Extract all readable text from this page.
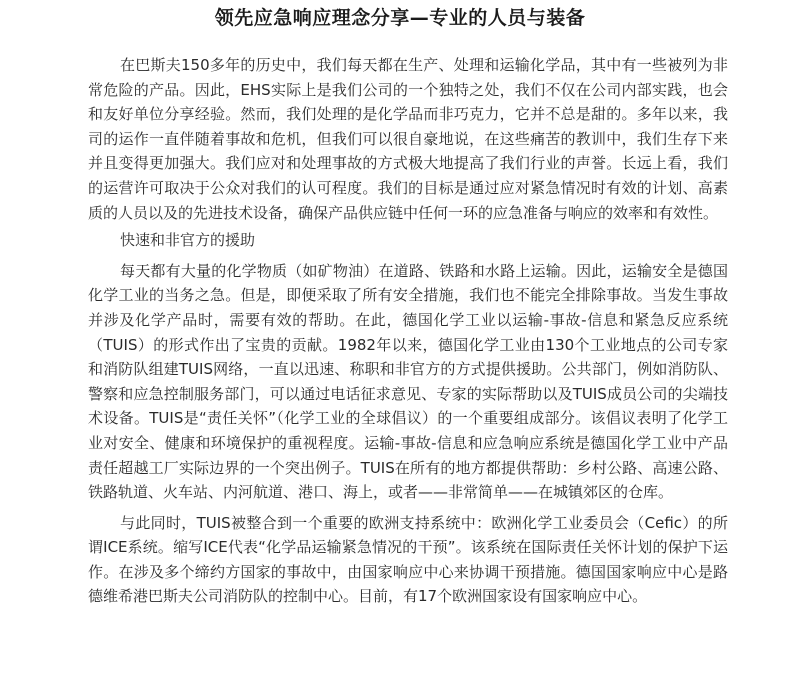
领先应急响应理念分享—专业的人员与装备

在巴斯夫150多年的历史中，我们每天都在生产、处理和运输化学品，其中有一些被列为非常危险的产品。因此，EHS实际上是我们公司的一个独特之处，我们不仅在公司内部实践，也会和友好单位分享经验。然而，我们处理的是化学品而非巧克力，它并不总是甜的。多年以来，我司的运作一直伴随着事故和危机，但我们可以很自豪地说，在这些痛苦的教训中，我们生存下来并且变得更加强大。我们应对和处理事故的方式极大地提高了我们行业的声誉。长远上看，我们的运营许可取决于公众对我们的认可程度。我们的目标是通过应对紧急情况时有效的计划、高素质的人员以及的先进技术设备，确保产品供应链中任何一环的应急准备与响应的效率和有效性。

快速和非官方的援助

每天都有大量的化学物质（如矿物油）在道路、铁路和水路上运输。因此，运输安全是德国化学工业的当务之急。但是，即便采取了所有安全措施，我们也不能完全排除事故。当发生事故并涉及化学产品时，需要有效的帮助。在此，德国化学工业以运输-事故-信息和紧急反应系统（TUIS）的形式作出了宝贵的贡献。1982年以来，德国化学工业由130个工业地点的公司专家和消防队组建TUIS网络，一直以迅速、称职和非官方的方式提供援助。公共部门，例如消防队、警察和应急控制服务部门，可以通过电话征求意见、专家的实际帮助以及TUIS成员公司的尖端技术设备。TUIS是“责任关怀”（化学工业的全球倡议）的一个重要组成部分。该倡议表明了化学工业对安全、健康和环境保护的重视程度。运输-事故-信息和应急响应系统是德国化学工业中产品责任超越工厂实际边界的一个突出例子。TUIS在所有的地方都提供帮助：乡村公路、高速公路、铁路轨道、火车站、内河航道、港口、海上，或者——非常简单——在城镇郊区的仓库。

与此同时，TUIS被整合到一个重要的欧洲支持系统中：欧洲化学工业委员会（Cefic）的所谓ICE系统。缩写ICE代表“化学品运输紧急情况的干预”。该系统在国际责任关怀计划的保护下运作。在涉及多个缔约方国家的事故中，由国家响应中心来协调干预措施。德国国家响应中心是路德维希港巴斯夫公司消防队的控制中心。目前，有17个欧洲国家设有国家响应中心。
